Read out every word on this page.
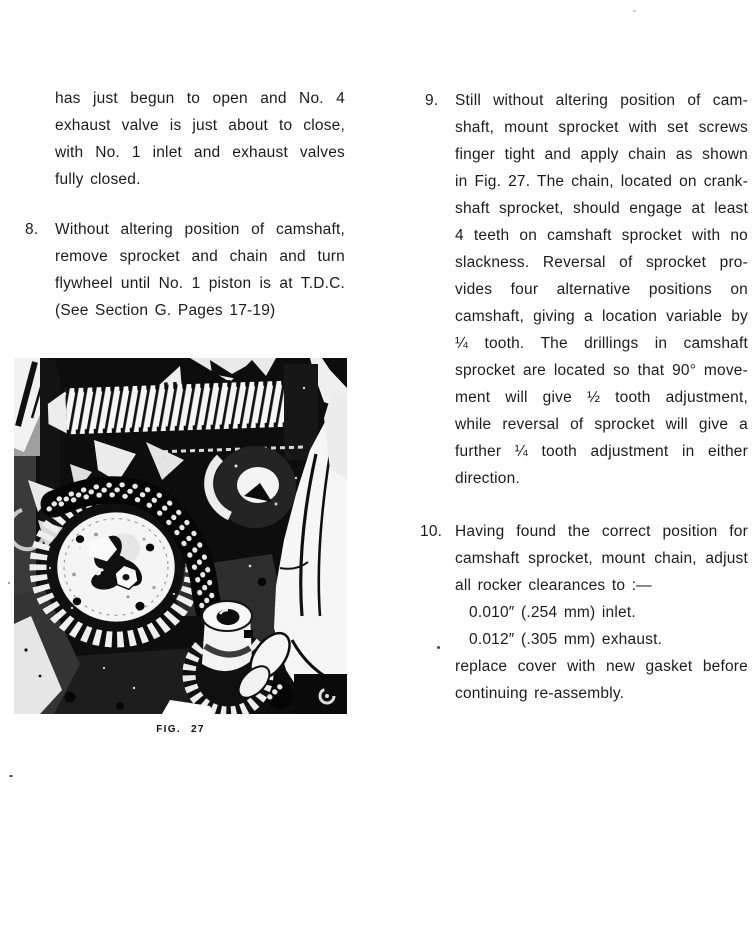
has just begun to open and No. 4
exhaust valve is just about to close,
with No. 1 inlet and exhaust valves
fully closed.
8.	Without altering position of camshaft,
remove sprocket and chain and turn
flywheel until No. 1 piston is at T.D.C.
(See Section G. Pages 17-19)
9.	Still without altering position of cam-
shaft, mount sprocket with set screws
finger tight and apply chain as shown
in Fig. 27. The chain, located on crank-
shaft sprocket, should engage at least
4 teeth on camshaft sprocket with no
slackness. Reversal of sprocket pro-
vides four alternative positions on
camshaft, giving a location variable by
¼ tooth. The drillings in camshaft
sprocket are located so that 90° move-
ment will give ½ tooth adjustment,
while reversal of sprocket will give a
further ¼ tooth adjustment in either
direction.
10. Having found the correct position for
camshaft sprocket, mount chain, adjust
all rocker clearances to :—
0.010″ (.254 mm) inlet.
0.012″ (.305 mm) exhaust.
replace cover with new gasket before
continuing re-assembly.
FIG. 27
